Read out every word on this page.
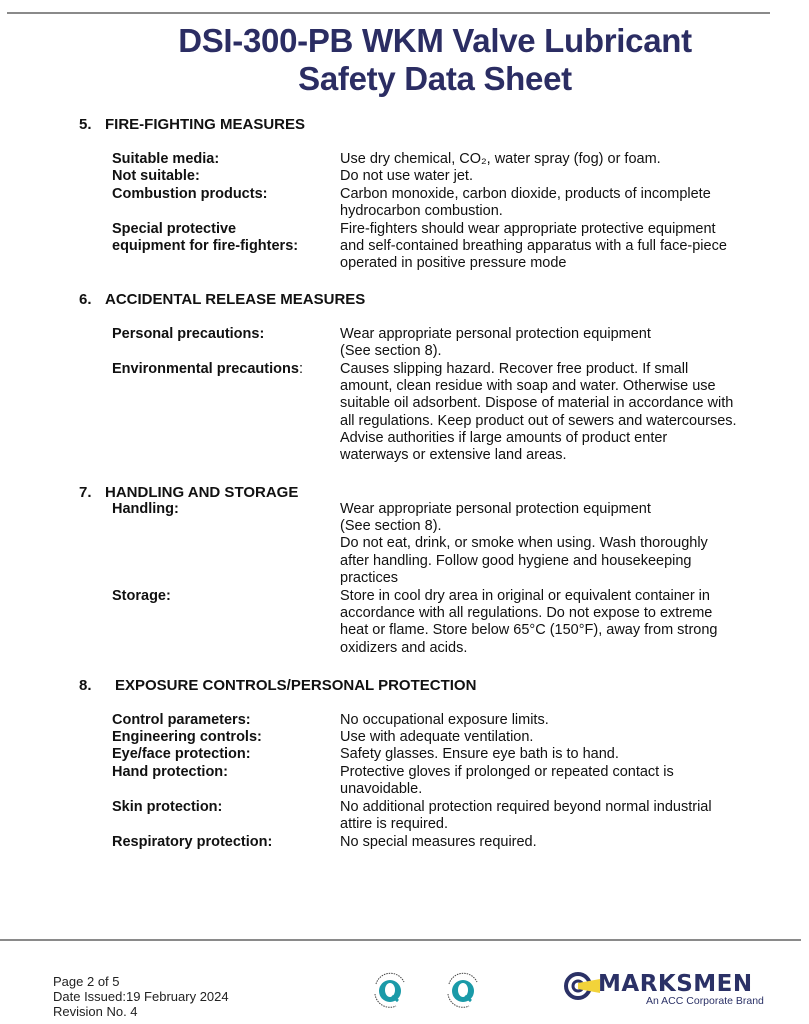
DSI-300-PB WKM Valve Lubricant
Safety Data Sheet
5. FIRE-FIGHTING MEASURES
Suitable media:	Use dry chemical, CO₂, water spray (fog) or foam.
Not suitable:	Do not use water jet.
Combustion products:	Carbon monoxide, carbon dioxide, products of incomplete
hydrocarbon combustion.
Special protective
equipment for fire-fighters:
Fire-fighters should wear appropriate protective equipment
and self-contained breathing apparatus with a full face-piece
operated in positive pressure mode
6. ACCIDENTAL RELEASE MEASURES
Personal precautions:	Wear appropriate personal protection equipment
(See section 8).
Environmental precautions:	Causes slipping hazard. Recover free product. If small
amount, clean residue with soap and water. Otherwise use
suitable oil adsorbent. Dispose of material in accordance with
all regulations. Keep product out of sewers and watercourses.
Advise authorities if large amounts of product enter
waterways or extensive land areas.
7. HANDLING AND STORAGE
Handling:	Wear appropriate personal protection equipment
(See section 8).
Do not eat, drink, or smoke when using. Wash thoroughly
after handling. Follow good hygiene and housekeeping
practices
Storage:	Store in cool dry area in original or equivalent container in
accordance with all regulations. Do not expose to extreme
heat or flame. Store below 65°C (150°F), away from strong
oxidizers and acids.
8. EXPOSURE CONTROLS/PERSONAL PROTECTION
Control parameters:	No occupational exposure limits.
Engineering controls:	Use with adequate ventilation.
Eye/face protection:	Safety glasses. Ensure eye bath is to hand.
Hand protection:	Protective gloves if prolonged or repeated contact is
unavoidable.
Skin protection:	No additional protection required beyond normal industrial
attire is required.
Respiratory protection:	No special measures required.
Page 2 of 5
Date Issued:19 February 2024
Revision No. 4
MARKSMEN
An ACC Corporate Brand
